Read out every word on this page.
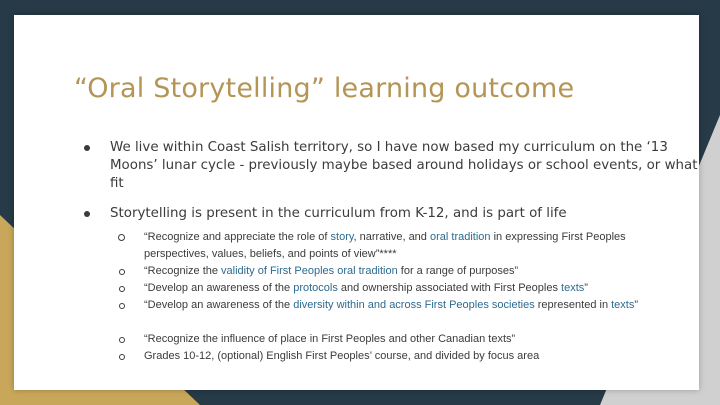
“Oral Storytelling” learning outcome
We live within Coast Salish territory, so I have now based my curriculum on the ‘13 Moons’ lunar cycle - previously maybe based around holidays or school events, or what fit
Storytelling is present in the curriculum from K-12, and is part of life
“Recognize and appreciate the role of story, narrative, and oral tradition in expressing First Peoples perspectives, values, beliefs, and points of view”****
“Recognize the validity of First Peoples oral tradition for a range of purposes”
“Develop an awareness of the protocols and ownership associated with First Peoples texts”
“Develop an awareness of the diversity within and across First Peoples societies represented in texts”
“Recognize the influence of place in First Peoples and other Canadian texts”
Grades 10-12, (optional) English First Peoples’ course, and divided by focus area
